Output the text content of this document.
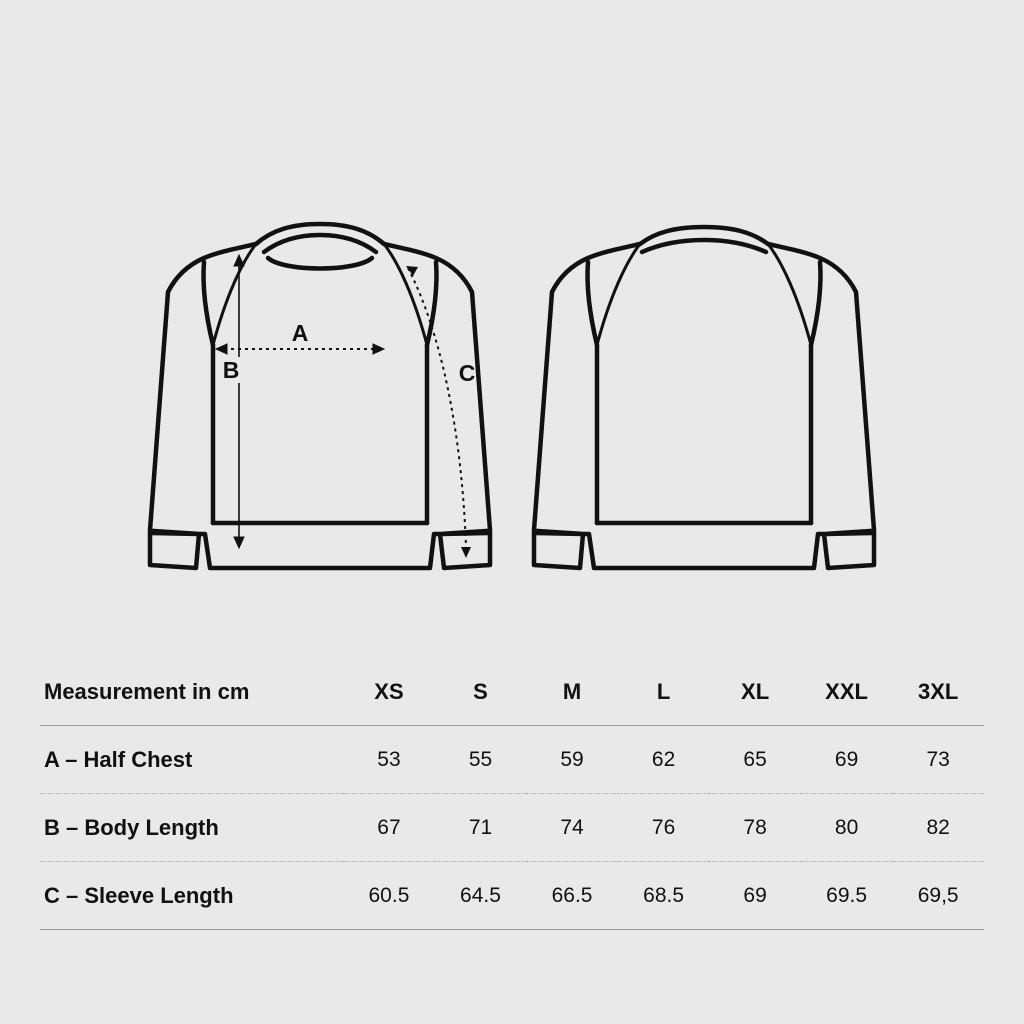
A
B	C
Measurement in cm	XS	S	M	L	XL	XXL	3XL
A – Half Chest	53	55	59	62	65	69	73
B – Body Length	67	71	74	76	78	80	82
C – Sleeve Length	60.5	64.5	66.5	68.5	69	69.5	69,5
